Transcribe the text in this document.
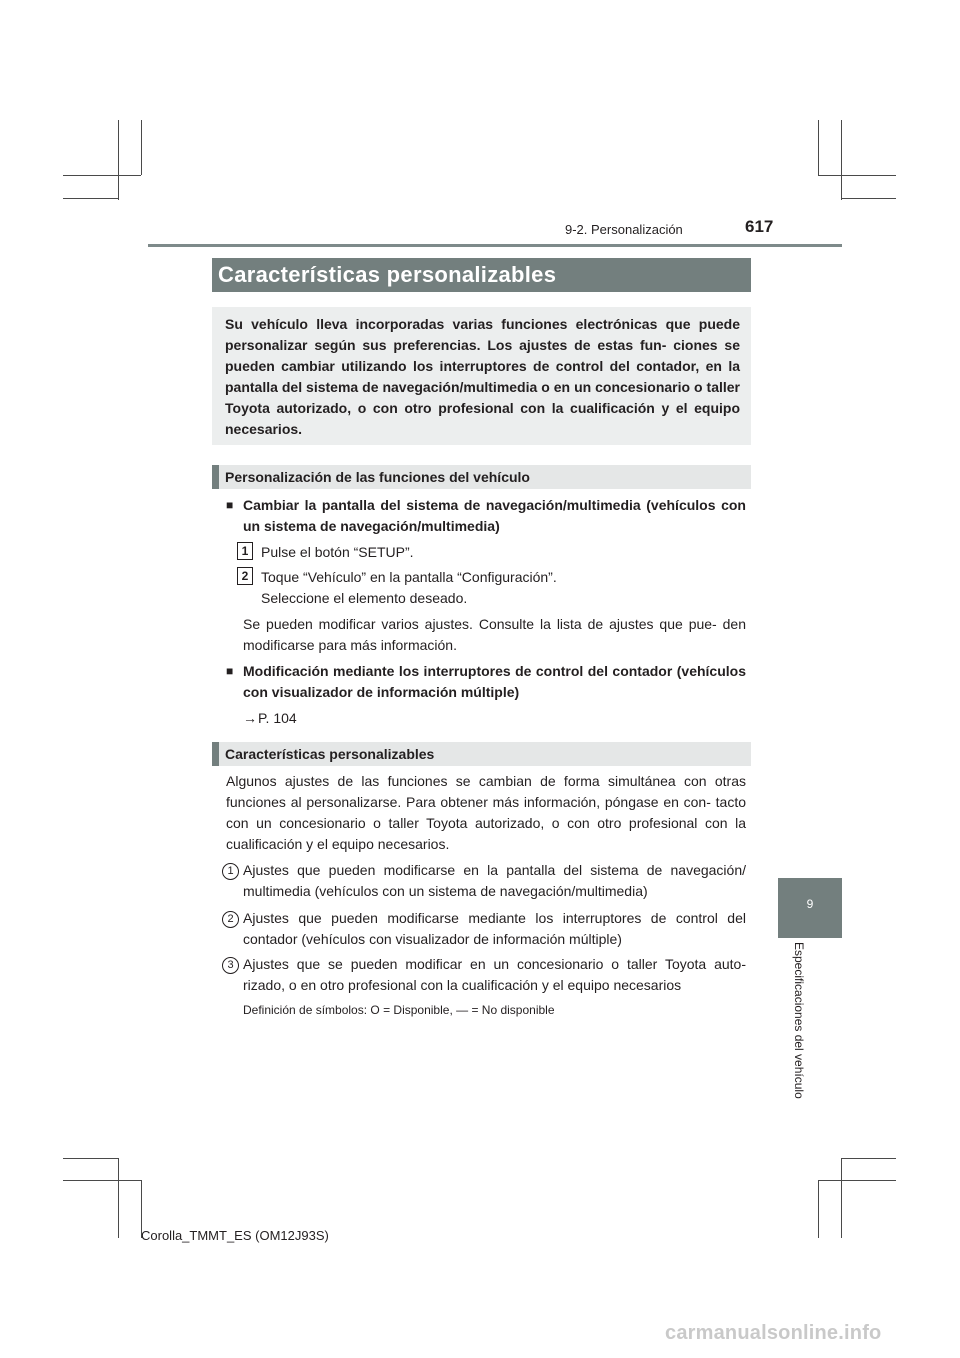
9-2. Personalización	617
Características personalizables
Su vehículo lleva incorporadas varias funciones electrónicas que puede personalizar según sus preferencias. Los ajustes de estas fun- ciones se pueden cambiar utilizando los interruptores de control del contador, en la pantalla del sistema de navegación/multimedia o en un concesionario o taller Toyota autorizado, o con otro profesional con la cualificación y el equipo necesarios.
Personalización de las funciones del vehículo
■ Cambiar la pantalla del sistema de navegación/multimedia (vehículos con un sistema de navegación/multimedia)
1 Pulse el botón “SETUP”.
2 Toque “Vehículo” en la pantalla “Configuración”.
Seleccione el elemento deseado.
Se pueden modificar varios ajustes. Consulte la lista de ajustes que pue- den modificarse para más información.
■ Modificación mediante los interruptores de control del contador (vehículos con visualizador de información múltiple)
→ P. 104
Características personalizables
Algunos ajustes de las funciones se cambian de forma simultánea con otras funciones al personalizarse. Para obtener más información, póngase en con- tacto con un concesionario o taller Toyota autorizado, o con otro profesional con la cualificación y el equipo necesarios.
1 Ajustes que pueden modificarse en la pantalla del sistema de navegación/ multimedia (vehículos con un sistema de navegación/multimedia)
2 Ajustes que pueden modificarse mediante los interruptores de control del contador (vehículos con visualizador de información múltiple)
3 Ajustes que se pueden modificar en un concesionario o taller Toyota auto- rizado, o en otro profesional con la cualificación y el equipo necesarios
Definición de símbolos: O = Disponible, — = No disponible
9
Especificaciones del vehículo
Corolla_TMMT_ES (OM12J93S)
carmanualsonline.info
